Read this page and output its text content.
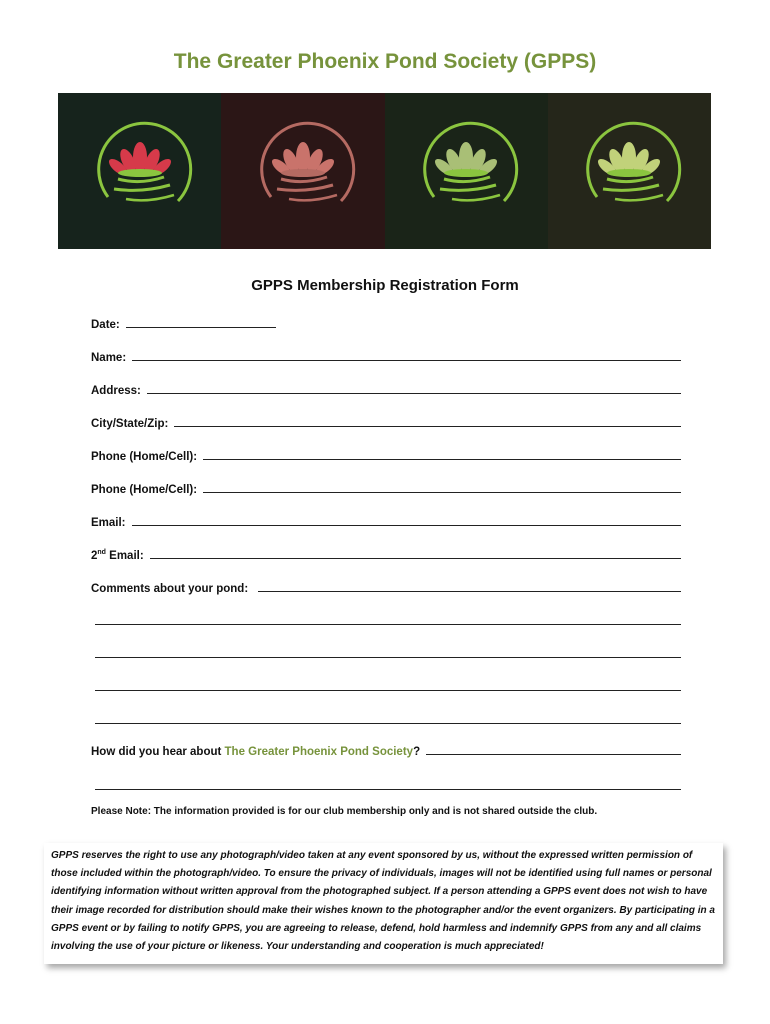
The Greater Phoenix Pond Society (GPPS)
GPPS Membership Registration Form
Date:
Name:
Address:
City/State/Zip:
Phone (Home/Cell):
Phone (Home/Cell):
Email:
2nd Email:
Comments about your pond:
How did you hear about The Greater Phoenix Pond Society?
Please Note: The information provided is for our club membership only and is not shared outside the club.
GPPS reserves the right to use any photograph/video taken at any event sponsored by us, without the expressed written permission of those included within the photograph/video. To ensure the privacy of individuals, images will not be identified using full names or personal identifying information without written approval from the photographed subject. If a person attending a GPPS event does not wish to have their image recorded for distribution should make their wishes known to the photographer and/or the event organizers. By participating in a GPPS event or by failing to notify GPPS, you are agreeing to release, defend, hold harmless and indemnify GPPS from any and all claims involving the use of your picture or likeness. Your understanding and cooperation is much appreciated!
